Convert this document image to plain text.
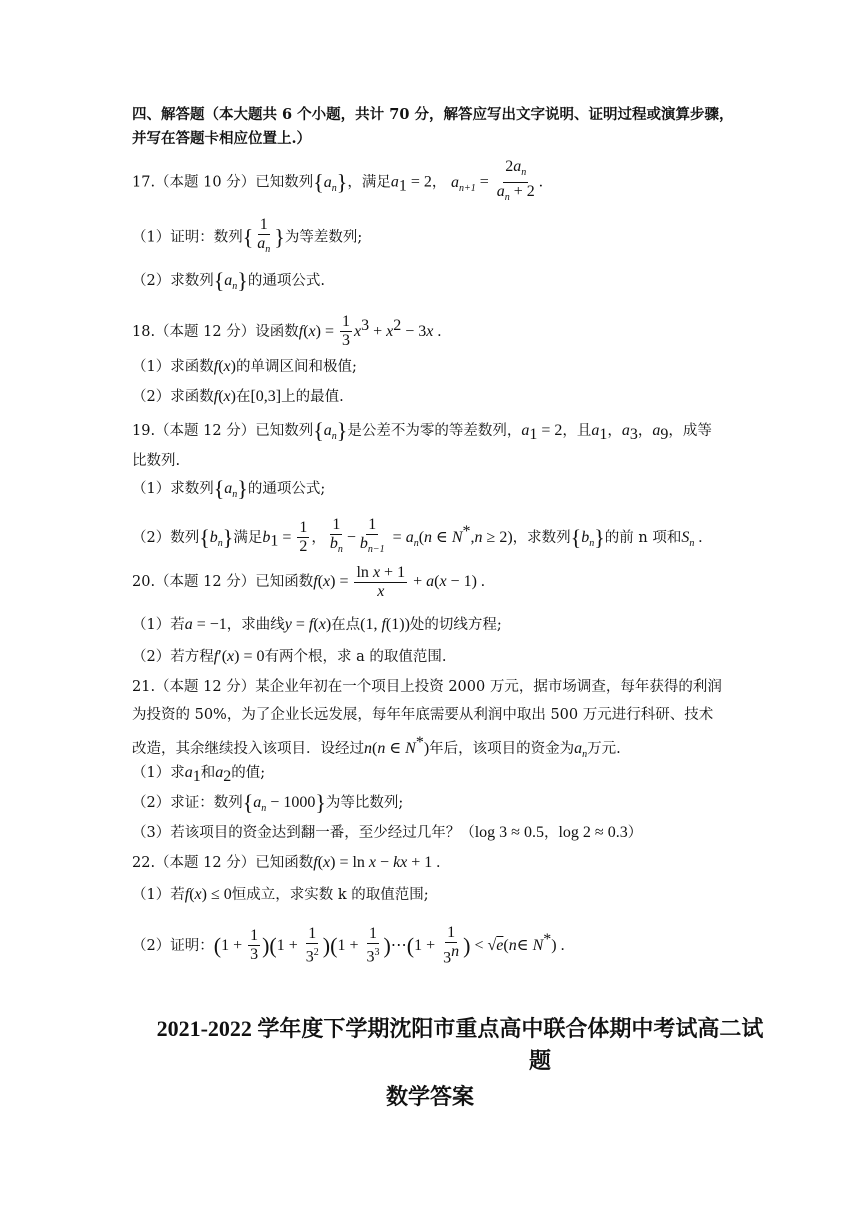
四、解答题（本大题共 6 个小题，共计 70 分，解答应写出文字说明、证明过程或演算步骤，
并写在答题卡相应位置上.）
17.（本题 10 分）已知数列$\{a_n\}$，满足$a_1 = 2$， $a_{n+1} = \frac{2a_n}{a_n + 2}$ .
（1）证明：数列{ $\frac{1}{a_n}$ }为等差数列;
（2）求数列$\{a_n\}$的通项公式.
18.（本题 12 分）设函数$f(x) = \frac{1}{3} x^3 + x^2 - 3x$ .
（1）求函数f(x)的单调区间和极值;
（2）求函数f(x)在[0,3]上的最值.
19.（本题 12 分）已知数列$\{a_n\}$是公差不为零的等差数列，$a_1 = 2$，且$a_1$，$a_3$，$a_9$，成等
比数列.
（1）求数列$\{a_n\}$的通项公式;
（2）数列$\{b_n\}$满足$b_1 = \frac{1}{2}$ ， $\frac{1}{b_n} - \frac{1}{b_{n-1}} = a_n(n$ ∈ N*,n ≥ 2)，求数列$\{b_n\}$的前 n 项和$S_n$ .
20.（本题 12 分）已知函数$f(x) = \frac{\text{ln x + 1}}{x} + a(x - 1)$ .
（1）若a = −1，求曲线y = f(x)在点(1, f(1))处的切线方程;
（2）若方程f′(x) = 0有两个根，求 a 的取值范围.
21.（本题 12 分）某企业年初在一个项目上投资 2000 万元，据市场调查，每年获得的利润
为投资的 50%，为了企业长远发展，每年年底需要从利润中取出 500 万元进行科研、技术
改造，其余继续投入该项目．设经过n(n ∈ N*)年后，该项目的资金为$a_n$万元.
（1）求$a_1$和$a_2$的值;
（2）求证：数列$\{a_n - 1000\}$为等比数列;
（3）若该项目的资金达到翻一番，至少经过几年？（log 3 ≈ 0.5，log 2 ≈ 0.3）
22.（本题 12 分）已知函数f(x) = ln x − kx + 1 .
（1）若f(x) ≤ 0恒成立，求实数 k 的取值范围;
（2）证明：$(1 + \frac{1}{3} )(1 + \frac{1}{3^2} )(1 + \frac{1}{3^3}$ )⋯(1 + $\frac{1}{3^n}$ ) < √e(n∈ N*) .
2021-2022 学年度下学期沈阳市重点高中联合体期中考试高二试
题
数学答案
